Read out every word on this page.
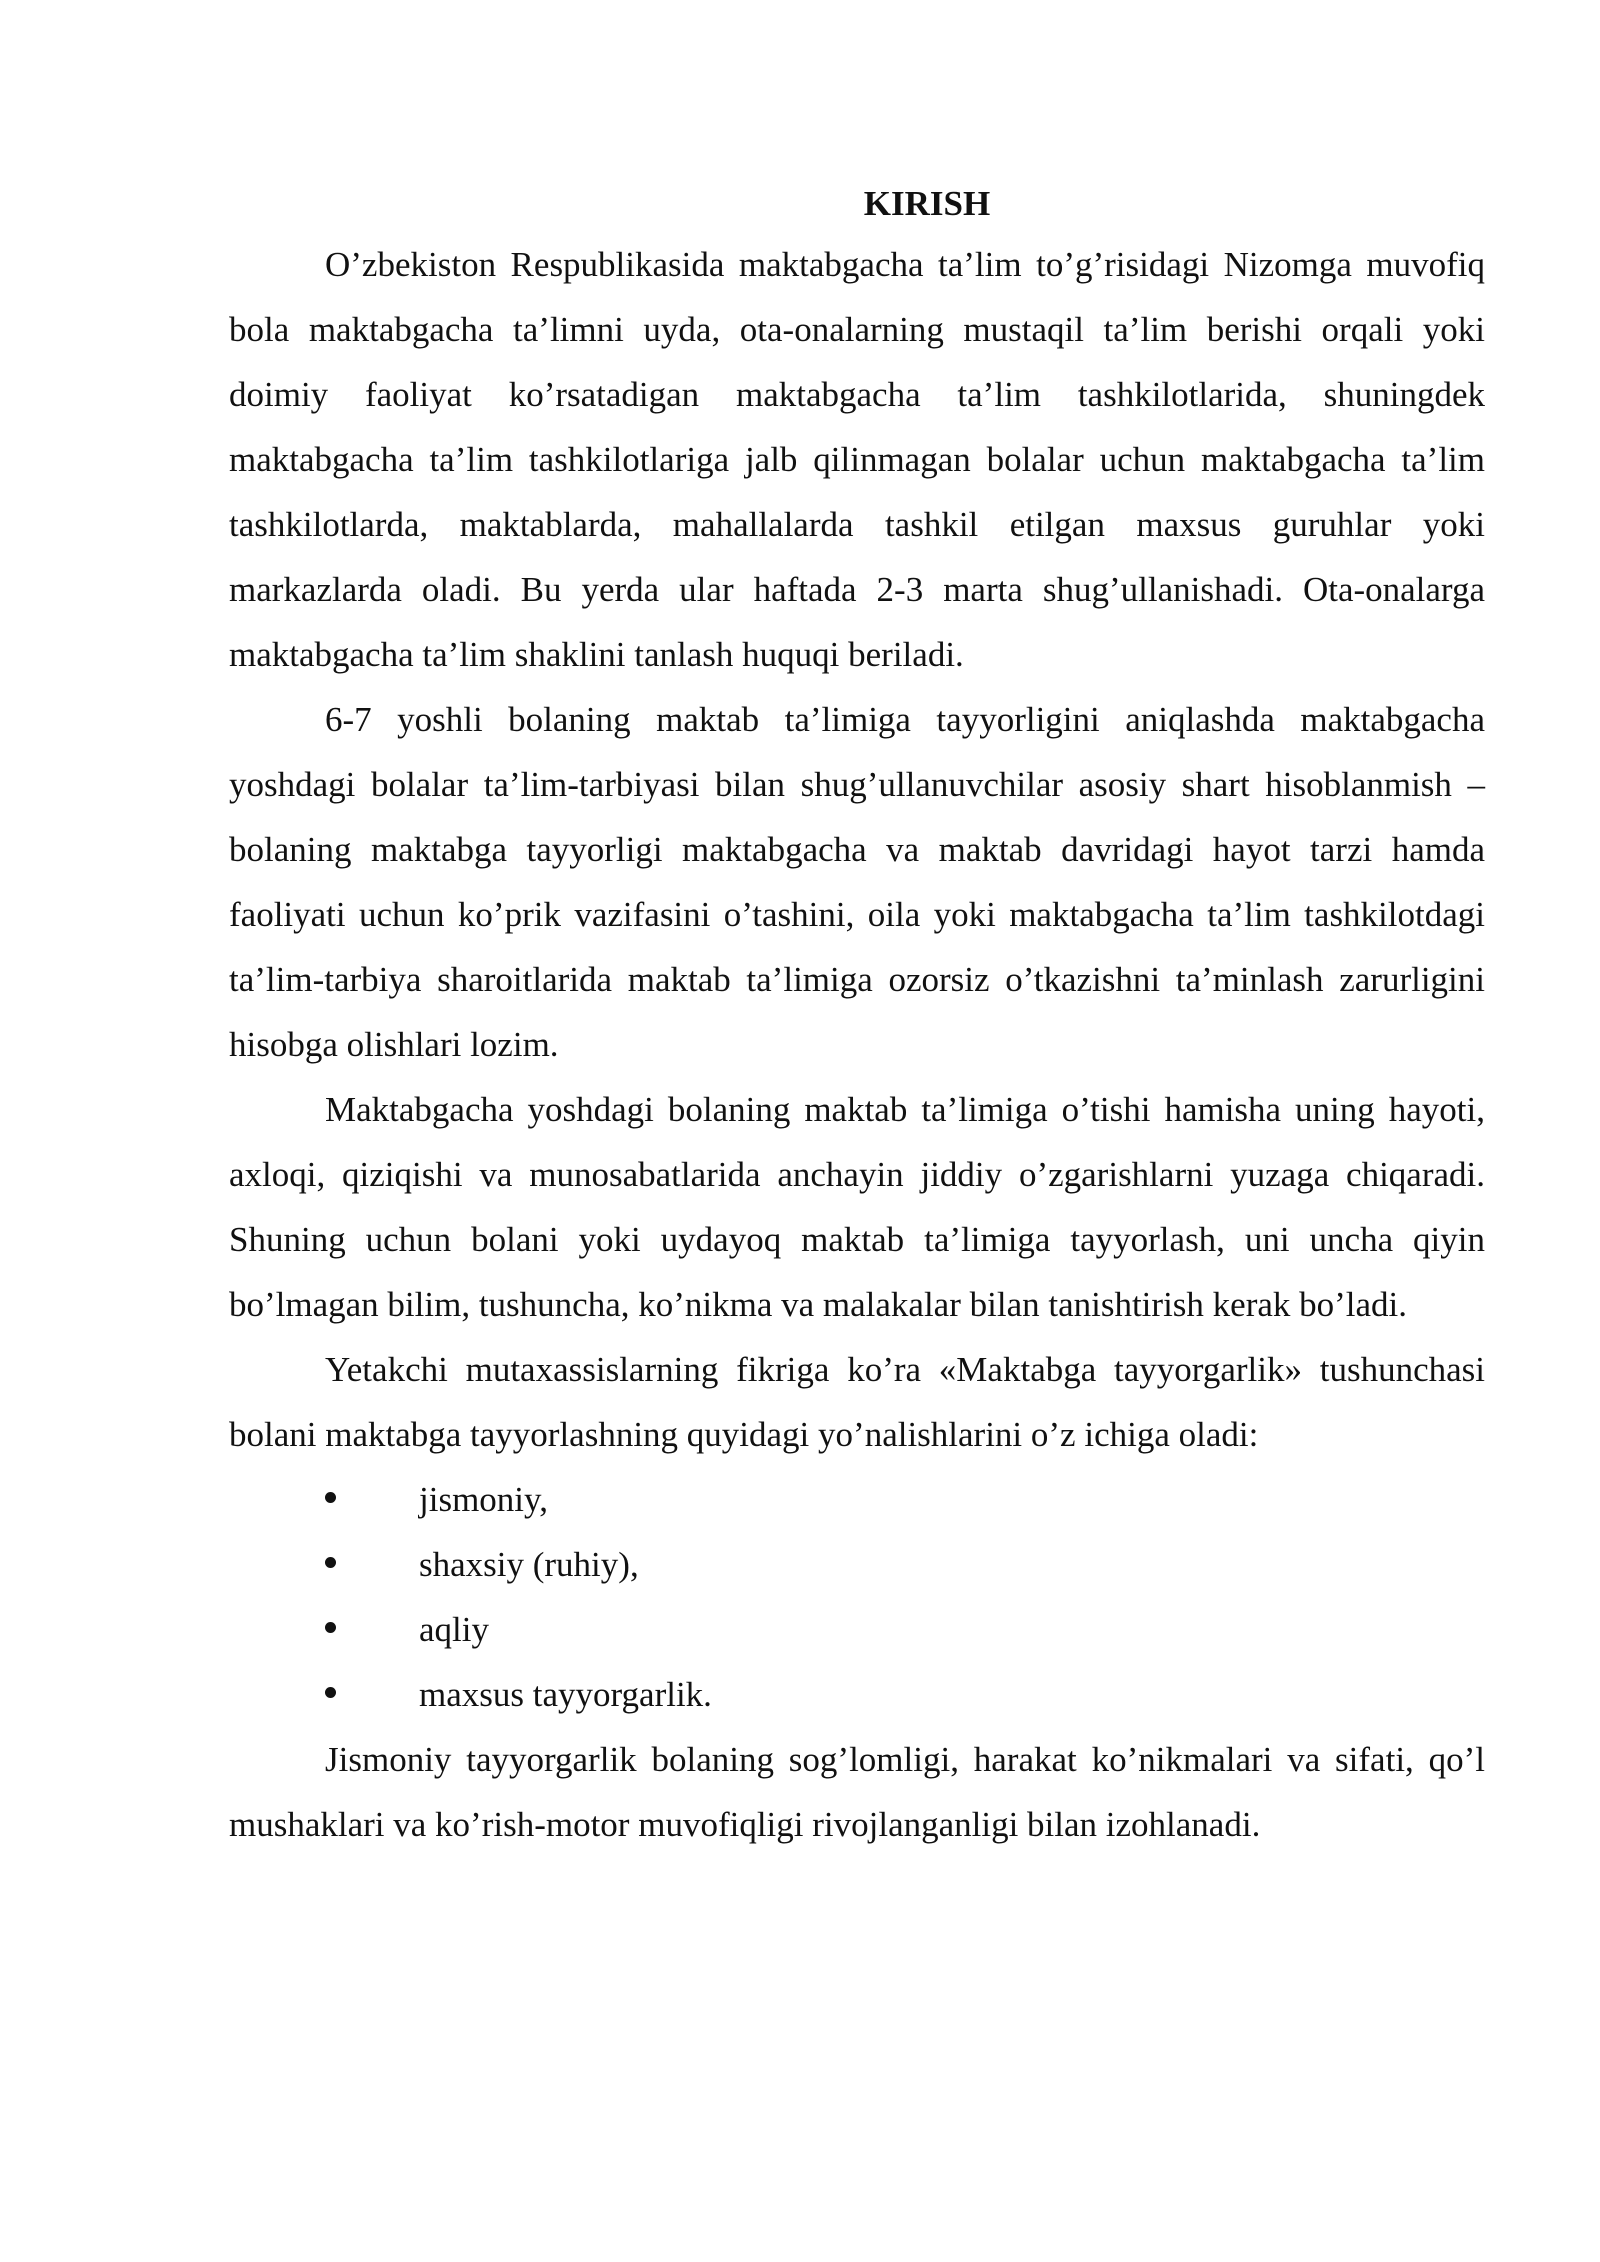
KIRISH

O’zbekiston Respublikasida maktabgacha ta’lim to’g’risidagi Nizomga muvofiq bola maktabgacha ta’limni uyda, ota-onalarning mustaqil ta’lim berishi orqali yoki doimiy faoliyat ko’rsatadigan maktabgacha ta’lim tashkilotlarida, shuningdek maktabgacha ta’lim tashkilotlariga jalb qilinmagan bolalar uchun maktabgacha ta’lim tashkilotlarda, maktablarda, mahallalarda tashkil etilgan maxsus guruhlar yoki markazlarda oladi. Bu yerda ular haftada 2-3 marta shug’ullanishadi. Ota-onalarga maktabgacha ta’lim shaklini tanlash huquqi beriladi.

6-7 yoshli bolaning maktab ta’limiga tayyorligini aniqlashda maktabgacha yoshdagi bolalar ta’lim-tarbiyasi bilan shug’ullanuvchilar asosiy shart hisoblanmish – bolaning maktabga tayyorligi maktabgacha va maktab davridagi hayot tarzi hamda faoliyati uchun ko’prik vazifasini o’tashini, oila yoki maktabgacha ta’lim tashkilotdagi ta’lim-tarbiya sharoitlarida maktab ta’limiga ozorsiz o’tkazishni ta’minlash zarurligini hisobga olishlari lozim.

Maktabgacha yoshdagi bolaning maktab ta’limiga o’tishi hamisha uning hayoti, axloqi, qiziqishi va munosabatlarida anchayin jiddiy o’zgarishlarni yuzaga chiqaradi. Shuning uchun bolani yoki uydayoq maktab ta’limiga tayyorlash, uni uncha qiyin bo’lmagan bilim, tushuncha, ko’nikma va malakalar bilan tanishtirish kerak bo’ladi.

Yetakchi mutaxassislarning fikriga ko’ra «Maktabga tayyorgarlik» tushunchasi bolani maktabga tayyorlashning quyidagi yo’nalishlarini o’z ichiga oladi:

jismoniy,
shaxsiy (ruhiy),
aqliy
maxsus tayyorgarlik.

Jismoniy tayyorgarlik bolaning sog’lomligi, harakat ko’nikmalari va sifati, qo’l mushaklari va ko’rish-motor muvofiqligi rivojlanganligi bilan izohlanadi.
